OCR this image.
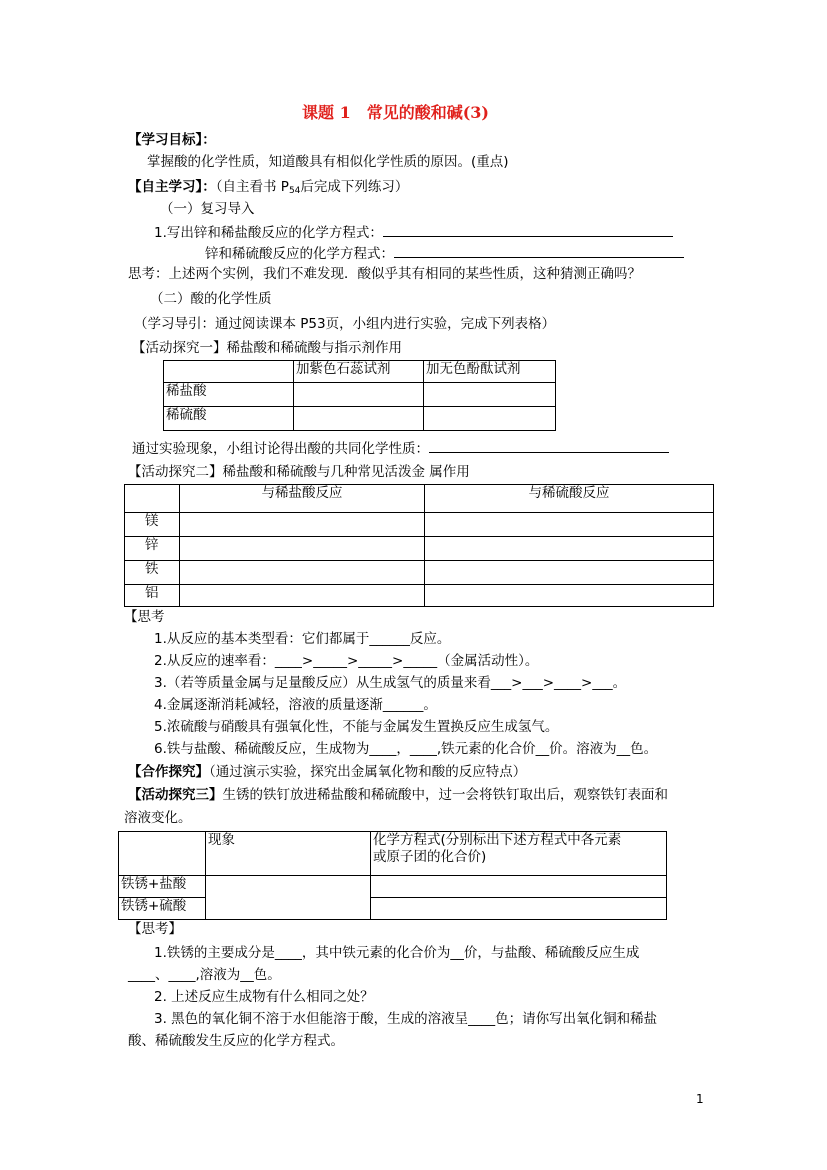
课题 1　常见的酸和碱(3)
【学习目标】：
掌握酸的化学性质，知道酸具有相似化学性质的原因。(重点)
【自主学习】：（自主看书 $P_{54}$后完成下列练习）
（一）复习导入
1.写出锌和稀盐酸反应的化学方程式：
锌和稀硫酸反应的化学方程式：
思考：上述两个实例，我们不难发现．酸似乎其有相同的某些性质，这种猜测正确吗？
（二）酸的化学性质
（学习导引：通过阅读课本 P53页，小组内进行实验，完成下列表格）
【活动探究一】稀盐酸和稀硫酸与指示剂作用
	加紫色石蕊试剂	加无色酚酞试剂
稀盐酸		
稀硫酸		
通过实验现象，小组讨论得出酸的共同化学性质：
【活动探究二】稀盐酸和稀硫酸与几种常见活泼金 属作用
	与稀盐酸反应	与稀硫酸反应
镁		
锌		
铁		
铝		
【思考
1.从反应的基本类型看：它们都属于______反应。
2.从反应的速率看：____>_____>_____>_____（金属活动性）。
3.（若等质量金属与足量酸反应）从生成氢气的质量来看___>___>____>___。
4.金属逐渐消耗减轻，溶液的质量逐渐______。
5.浓硫酸与硝酸具有强氧化性，不能与金属发生置换反应生成氢气。
6.铁与盐酸、稀硫酸反应，生成物为____，____,铁元素的化合价__价。溶液为__色。
【合作探究】（通过演示实验，探究出金属氧化物和酸的反应特点）
【活动探究三】生锈的铁钉放进稀盐酸和稀硫酸中，过一会将铁钉取出后，观察铁钉表面和
溶液变化。
	现象	化学方程式(分别标出下述方程式中各元素
或原子团的化合价)

铁锈+盐酸		
铁锈+硫酸		
【思考】
1.铁锈的主要成分是____，其中铁元素的化合价为__价，与盐酸、稀硫酸反应生成
____、____,溶液为__色。
2. 上述反应生成物有什么相同之处？
3. 黑色的氧化铜不溶于水但能溶于酸，生成的溶液呈____色；请你写出氧化铜和稀盐
酸、稀硫酸发生反应的化学方程式。
1
